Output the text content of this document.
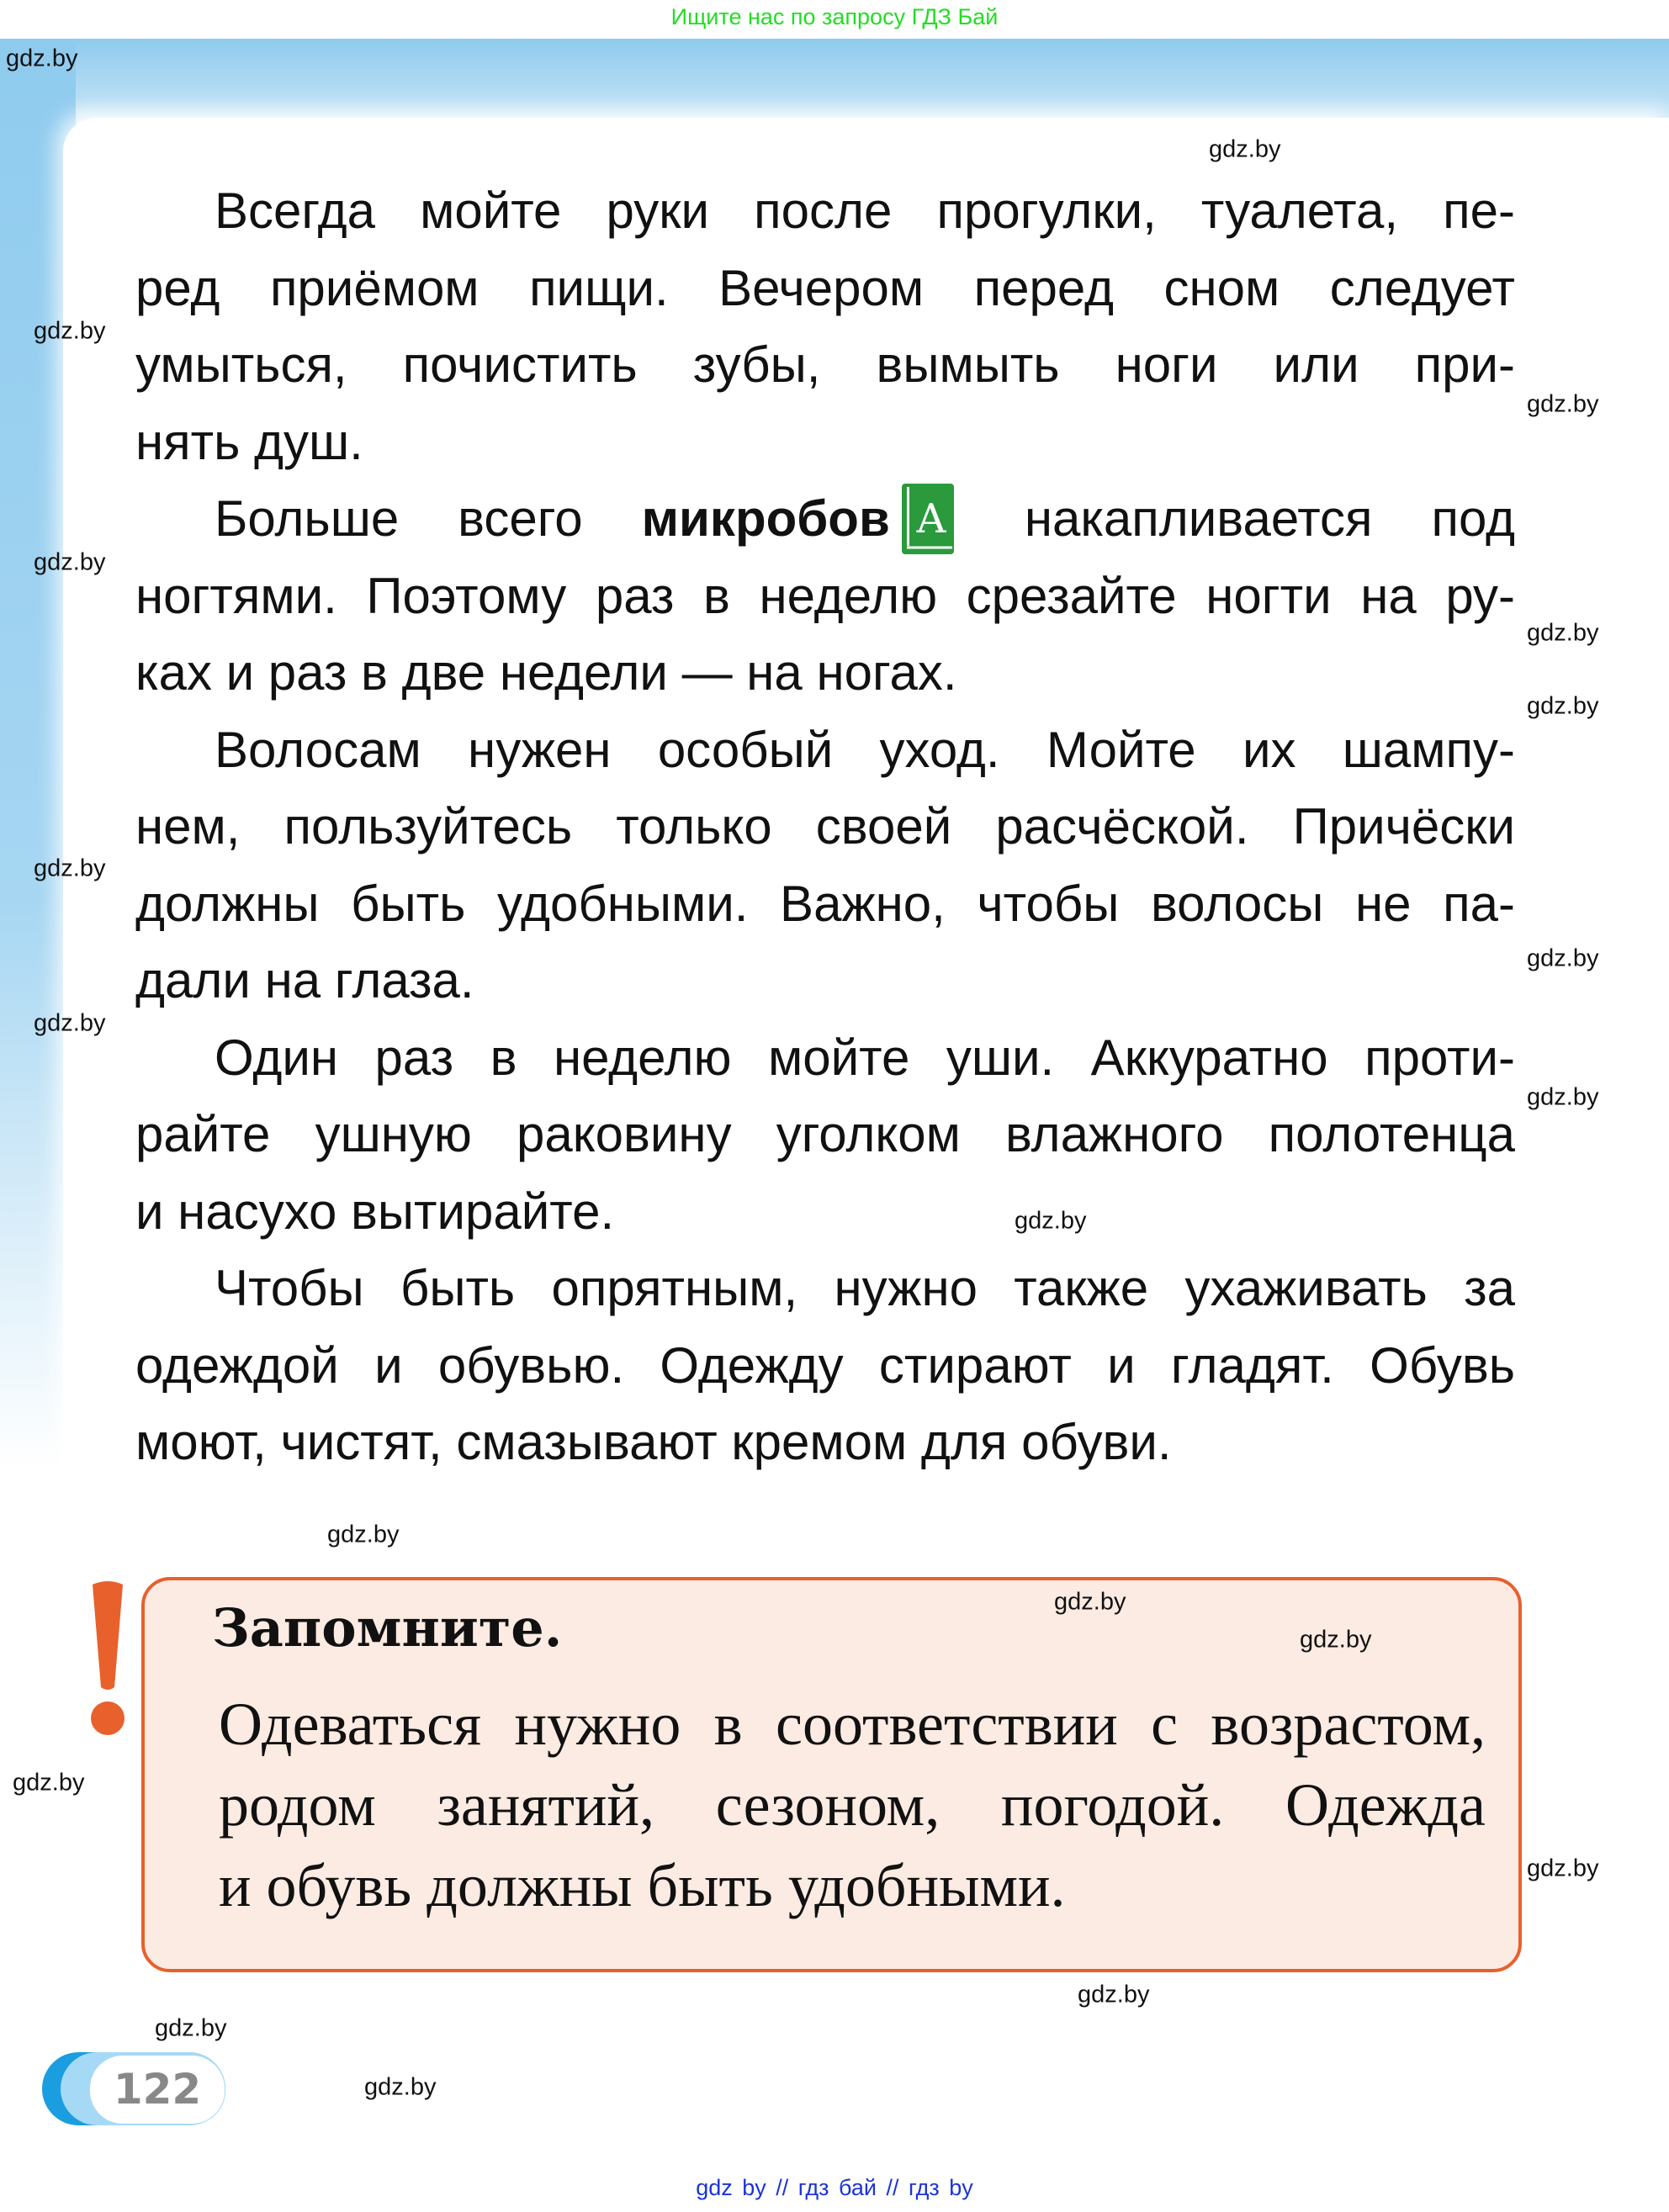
Ищите нас по запросу ГДЗ Бай
Всегда мойте руки после прогулки, туалета, пе-
ред приёмом пищи. Вечером перед сном следует
умыться, почистить зубы, вымыть ноги или при-
нять душ.
Больше всего микробов A накапливается под
ногтями. Поэтому раз в неделю срезайте ногти на ру-
ках и раз в две недели — на ногах.
Волосам нужен особый уход. Мойте их шампу-
нем, пользуйтесь только своей расчёской. Причёски
должны быть удобными. Важно, чтобы волосы не па-
дали на глаза.
Один раз в неделю мойте уши. Аккуратно проти-
райте ушную раковину уголком влажного полотенца
и насухо вытирайте.
Чтобы быть опрятным, нужно также ухаживать за
одеждой и обувью. Одежду стирают и гладят. Обувь
моют, чистят, смазывают кремом для обуви.
Запомните.
Одеваться нужно в соответствии с возрастом,
родом занятий, сезоном, погодой. Одежда
и обувь должны быть удобными.
122
gdz.by
gdz.by
gdz.by
gdz.by
gdz.by
gdz.by
gdz.by
gdz.by
gdz.by
gdz.by
gdz.by
gdz.by
gdz.by
gdz.by
gdz.by
gdz.by
gdz.by
gdz.by
gdz.by
gdz.by
gdz by // гдз бай // гдз by
